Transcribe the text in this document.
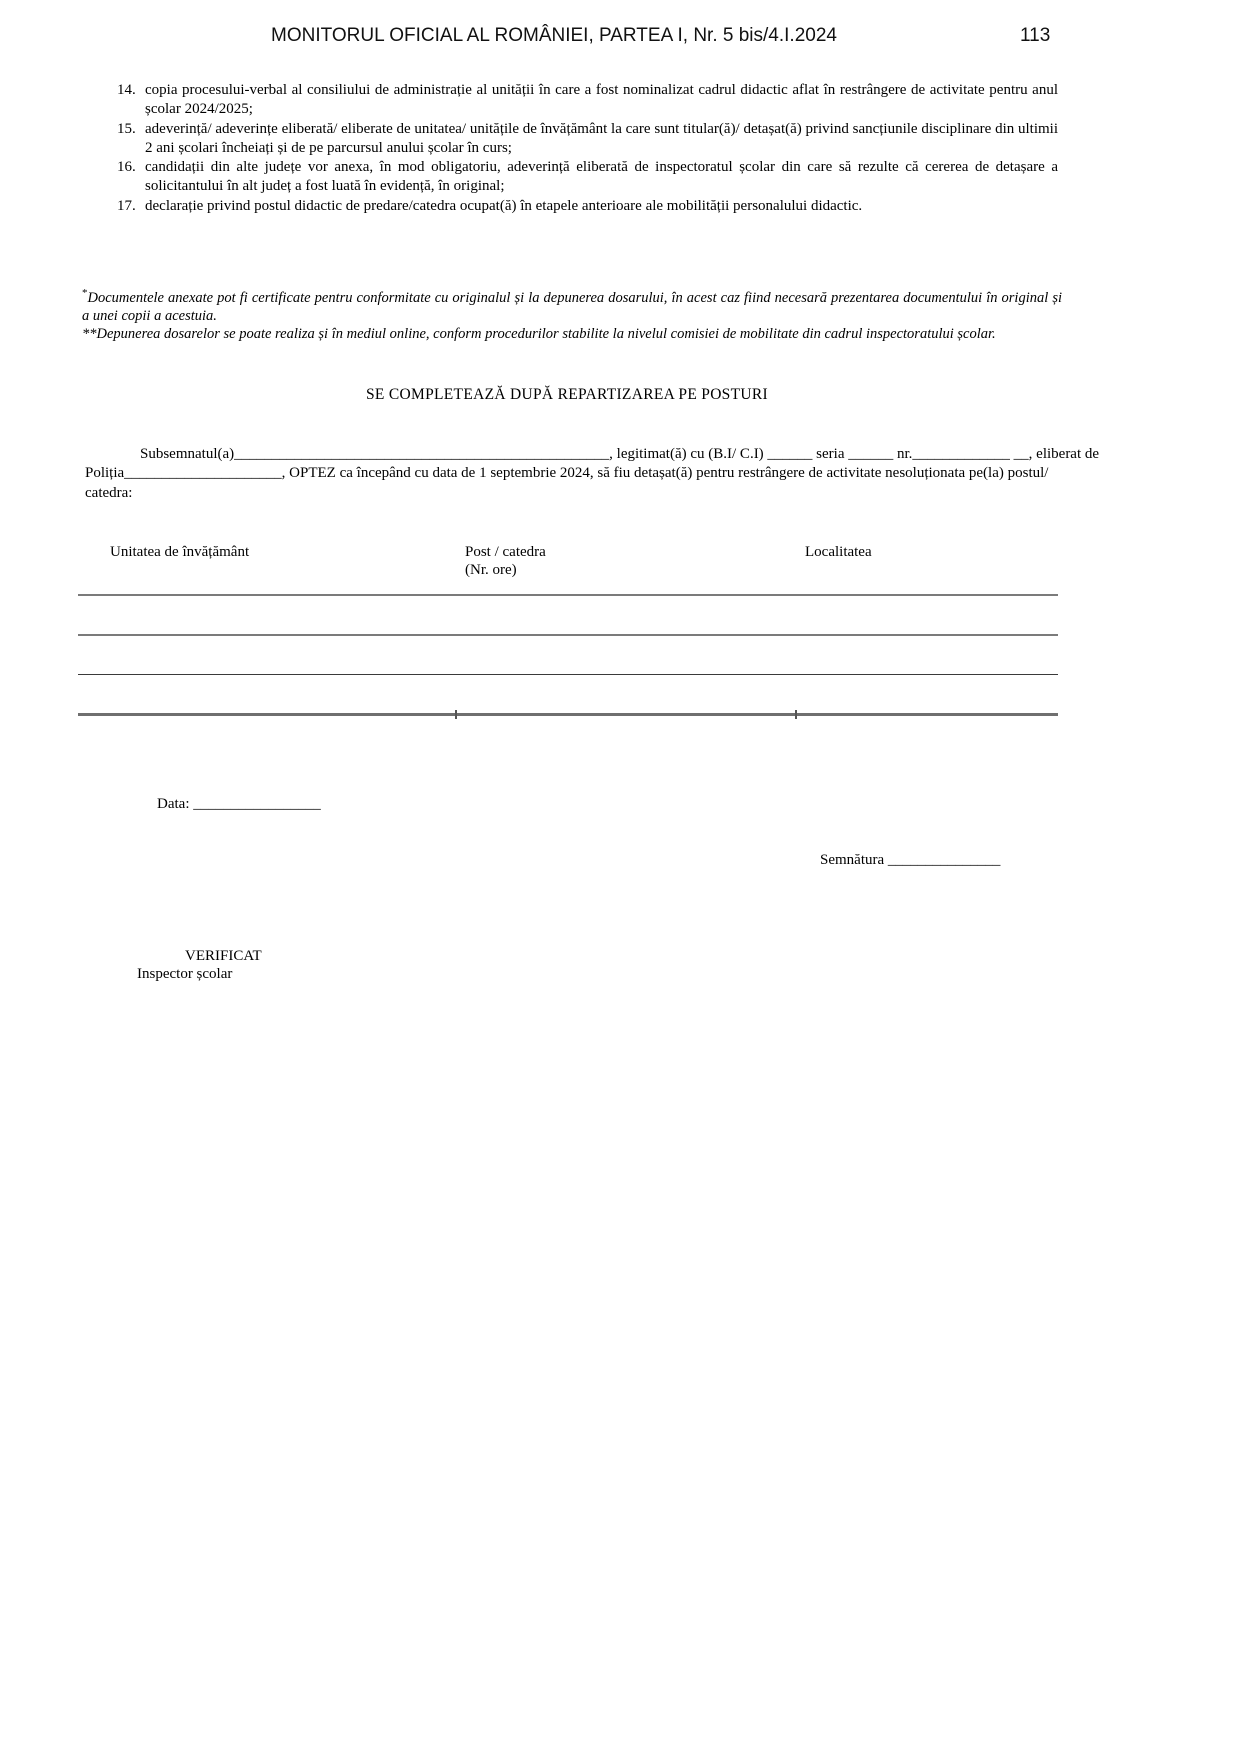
MONITORUL OFICIAL AL ROMÂNIEI, PARTEA I, Nr. 5 bis/4.I.2024	113
14. copia procesului-verbal al consiliului de administrație al unității în care a fost nominalizat cadrul didactic aflat în restrângere de activitate pentru anul școlar 2024/2025;
15. adeverință/ adeverințe eliberată/ eliberate de unitatea/ unitățile de învățământ la care sunt titular(ă)/ detașat(ă) privind sancțiunile disciplinare din ultimii 2 ani școlari încheiați și de pe parcursul anului școlar în curs;
16. candidații din alte județe vor anexa, în mod obligatoriu, adeverință eliberată de inspectoratul școlar din care să rezulte că cererea de detașare a solicitantului în alt județ a fost luată în evidență, în original;
17. declarație privind postul didactic de predare/catedra ocupat(ă) în etapele anterioare ale mobilității personalului didactic.
*Documentele anexate pot fi certificate pentru conformitate cu originalul și la depunerea dosarului, în acest caz fiind necesară prezentarea documentului în original și a unei copii a acestuia.
**Depunerea dosarelor se poate realiza și în mediul online, conform procedurilor stabilite la nivelul comisiei de mobilitate din cadrul inspectoratului școlar.
SE COMPLETEAZĂ DUPĂ REPARTIZAREA PE POSTURI
Subsemnatul(a)__________________________________________________, legitimat(ă) cu (B.I/ C.I) ______ seria ______ nr._____________ __, eliberat de
Poliția_____________________, OPTEZ ca începând cu data de 1 septembrie 2024, să fiu detașat(ă) pentru restrângere de activitate nesoluționata pe(la) postul/
catedra:
Unitatea de învățământ	Post / catedra
(Nr. ore)
Localitatea
Data: _________________
Semnătura _______________
VERIFICAT
Inspector școlar
